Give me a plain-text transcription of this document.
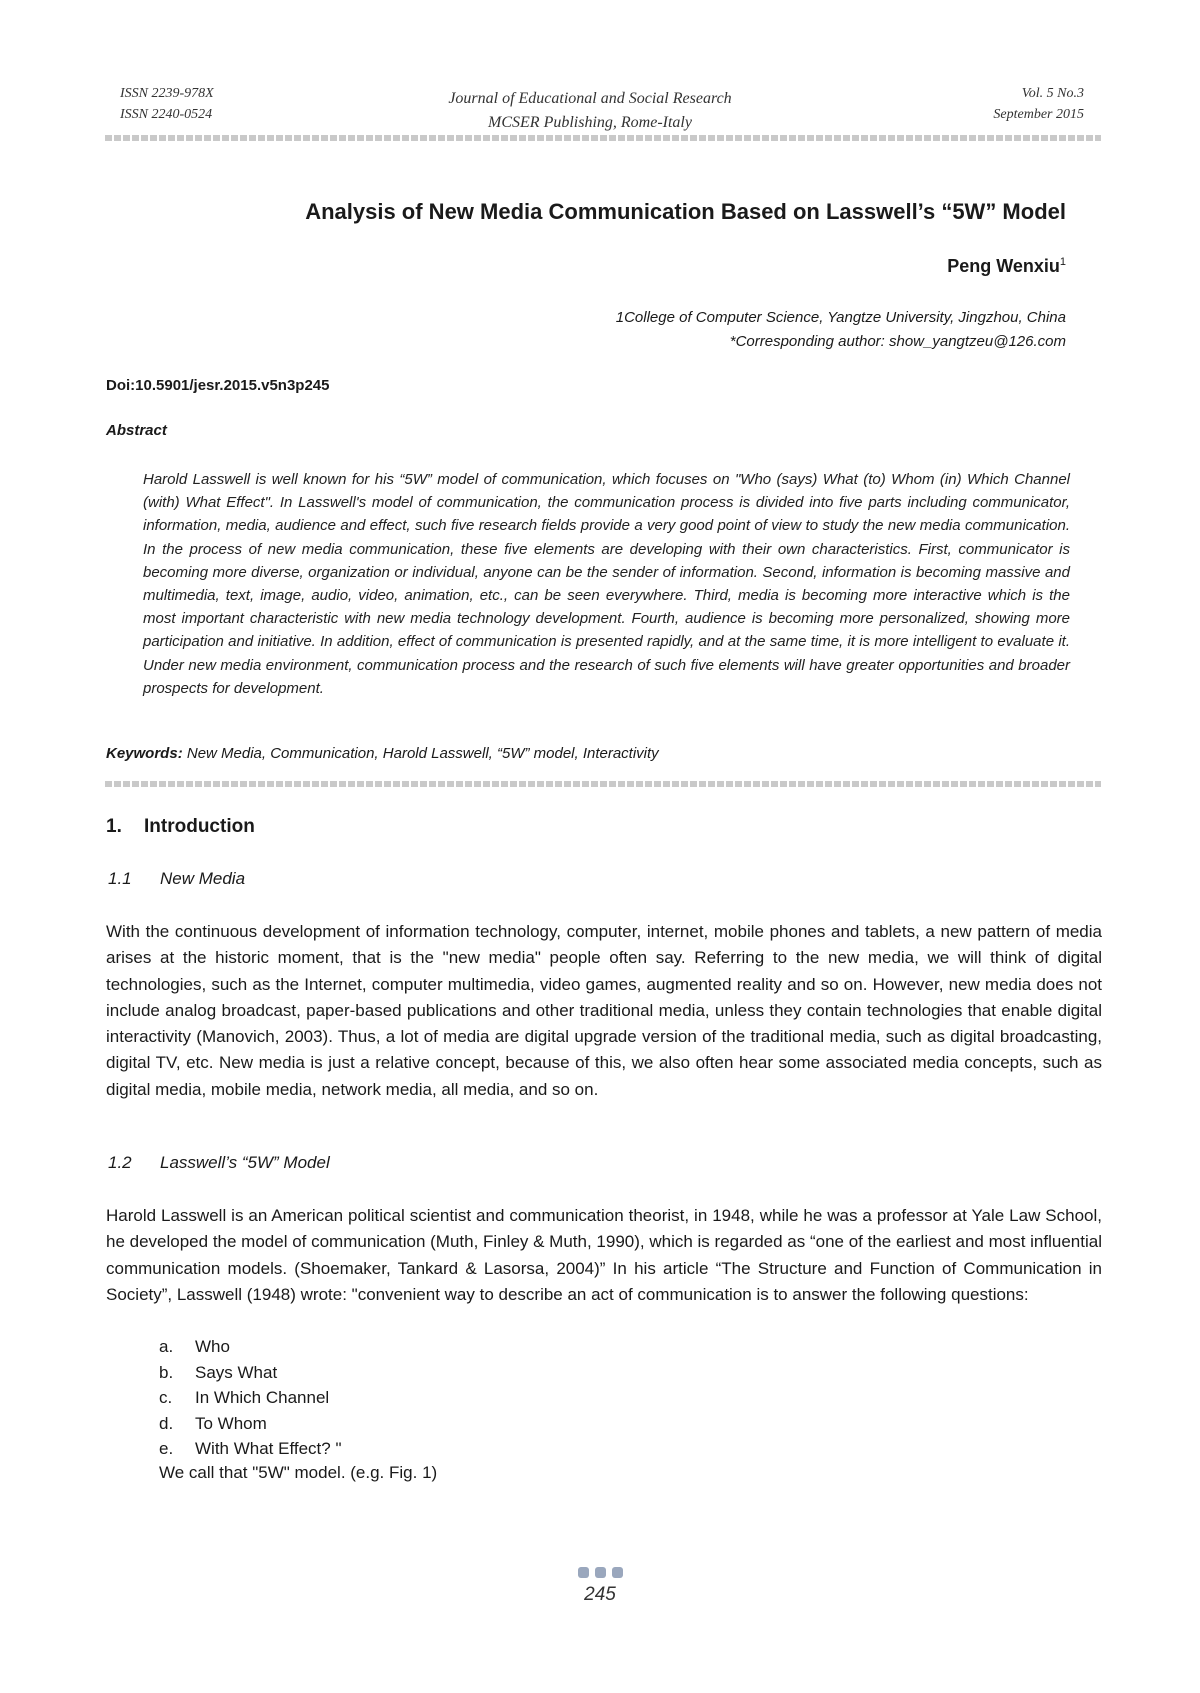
ISSN 2239-978X
ISSN 2240-0524
Journal of Educational and Social Research
MCSER Publishing, Rome-Italy
Vol. 5 No.3
September 2015
Analysis of New Media Communication Based on Lasswell’s “5W” Model
Peng Wenxiu$^1$
1College of Computer Science, Yangtze University, Jingzhou, China
*Corresponding author: show_yangtzeu@126.com
Doi:10.5901/jesr.2015.v5n3p245
Abstract
Harold Lasswell is well known for his “5W” model of communication, which focuses on "Who (says) What (to) Whom (in) Which Channel (with) What Effect". In Lasswell's model of communication, the communication process is divided into five parts including communicator, information, media, audience and effect, such five research fields provide a very good point of view to study the new media communication. In the process of new media communication, these five elements are developing with their own characteristics. First, communicator is becoming more diverse, organization or individual, anyone can be the sender of information. Second, information is becoming massive and multimedia, text, image, audio, video, animation, etc., can be seen everywhere. Third, media is becoming more interactive which is the most important characteristic with new media technology development. Fourth, audience is becoming more personalized, showing more participation and initiative. In addition, effect of communication is presented rapidly, and at the same time, it is more intelligent to evaluate it. Under new media environment, communication process and the research of such five elements will have greater opportunities and broader prospects for development.
Keywords: New Media, Communication, Harold Lasswell, “5W” model, Interactivity
1. Introduction
1.1 New Media
With the continuous development of information technology, computer, internet, mobile phones and tablets, a new pattern of media arises at the historic moment, that is the "new media" people often say. Referring to the new media, we will think of digital technologies, such as the Internet, computer multimedia, video games, augmented reality and so on. However, new media does not include analog broadcast, paper-based publications and other traditional media, unless they contain technologies that enable digital interactivity (Manovich, 2003). Thus, a lot of media are digital upgrade version of the traditional media, such as digital broadcasting, digital TV, etc. New media is just a relative concept, because of this, we also often hear some associated media concepts, such as digital media, mobile media, network media, all media, and so on.
1.2 Lasswell’s “5W” Model
Harold Lasswell is an American political scientist and communication theorist, in 1948, while he was a professor at Yale Law School, he developed the model of communication (Muth, Finley & Muth, 1990), which is regarded as “one of the earliest and most influential communication models. (Shoemaker, Tankard & Lasorsa, 2004)” In his article “The Structure and Function of Communication in Society”, Lasswell (1948) wrote: "convenient way to describe an act of communication is to answer the following questions:
a. Who
b. Says What
c. In Which Channel
d. To Whom
e. With What Effect? "
We call that "5W" model. (e.g. Fig. 1)
245
